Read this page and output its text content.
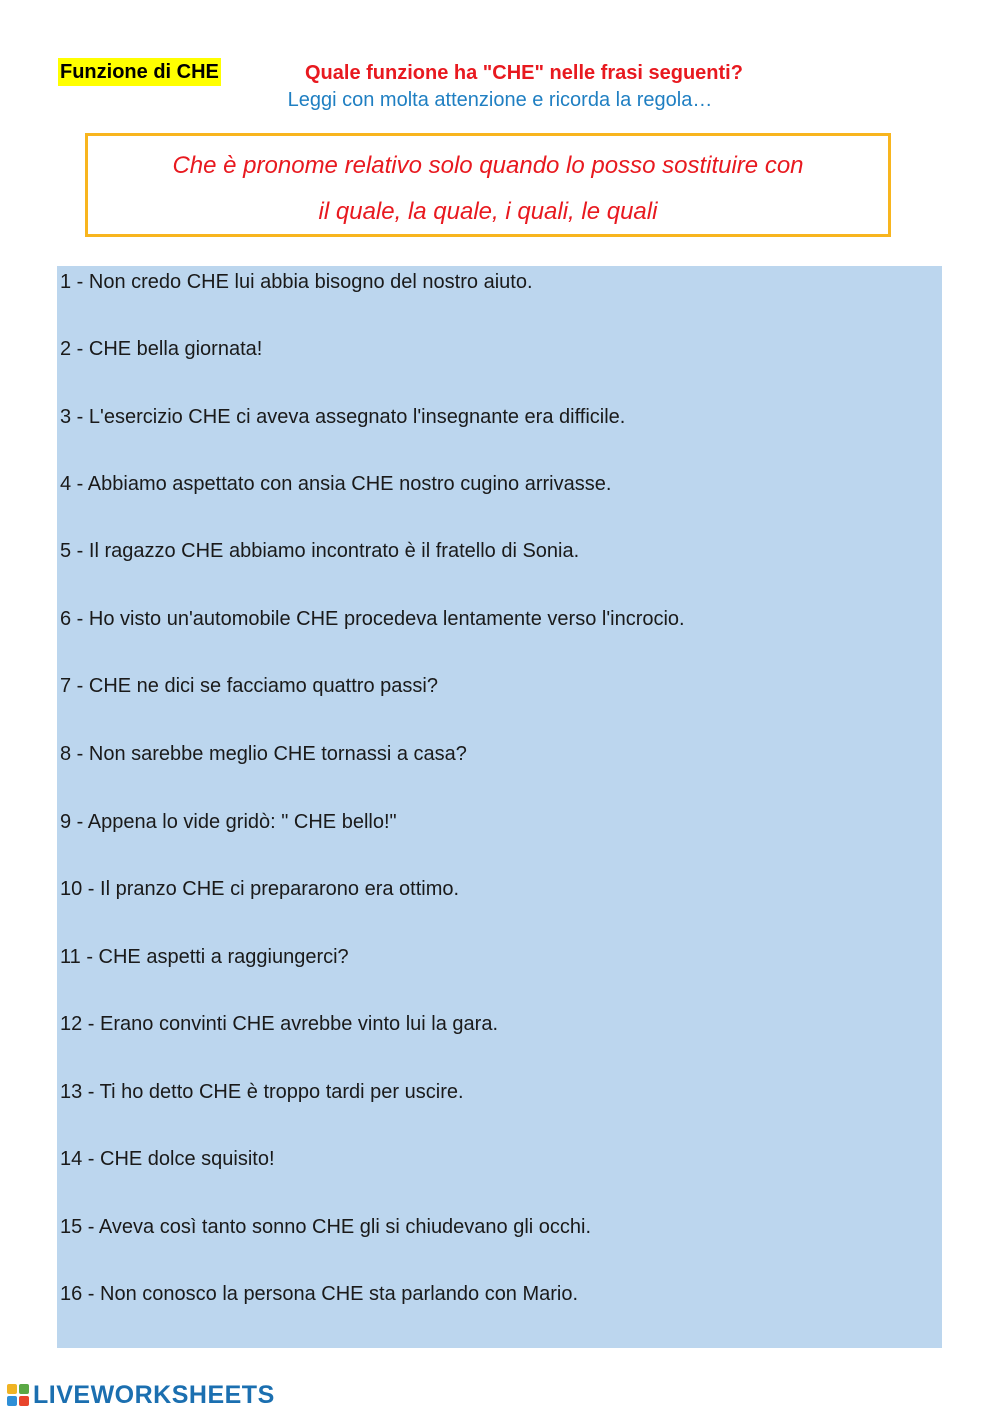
Funzione di CHE	Quale funzione ha "CHE" nelle frasi seguenti?
Leggi con molta attenzione e ricorda la regola…
Che è pronome relativo solo quando lo posso sostituire con
il quale, la quale, i quali, le quali
1 - Non credo CHE lui abbia bisogno del nostro aiuto.
2 - CHE bella giornata!
3 - L'esercizio CHE ci aveva assegnato l'insegnante era difficile.
4 - Abbiamo aspettato con ansia CHE nostro cugino arrivasse.
5 - Il ragazzo CHE abbiamo incontrato è il fratello di Sonia.
6 - Ho visto un'automobile CHE procedeva lentamente verso l'incrocio.
7 - CHE ne dici se facciamo quattro passi?
8 - Non sarebbe meglio CHE tornassi a casa?
9 - Appena lo vide gridò: " CHE bello!"
10 - Il pranzo CHE ci prepararono era ottimo.
11 - CHE aspetti a raggiungerci?
12 - Erano convinti CHE avrebbe vinto lui la gara.
13 - Ti ho detto CHE è troppo tardi per uscire.
14 - CHE dolce squisito!
15 - Aveva così tanto sonno CHE gli si chiudevano gli occhi.
16 - Non conosco la persona CHE sta parlando con Mario.
LIVEWORKSHEETS
